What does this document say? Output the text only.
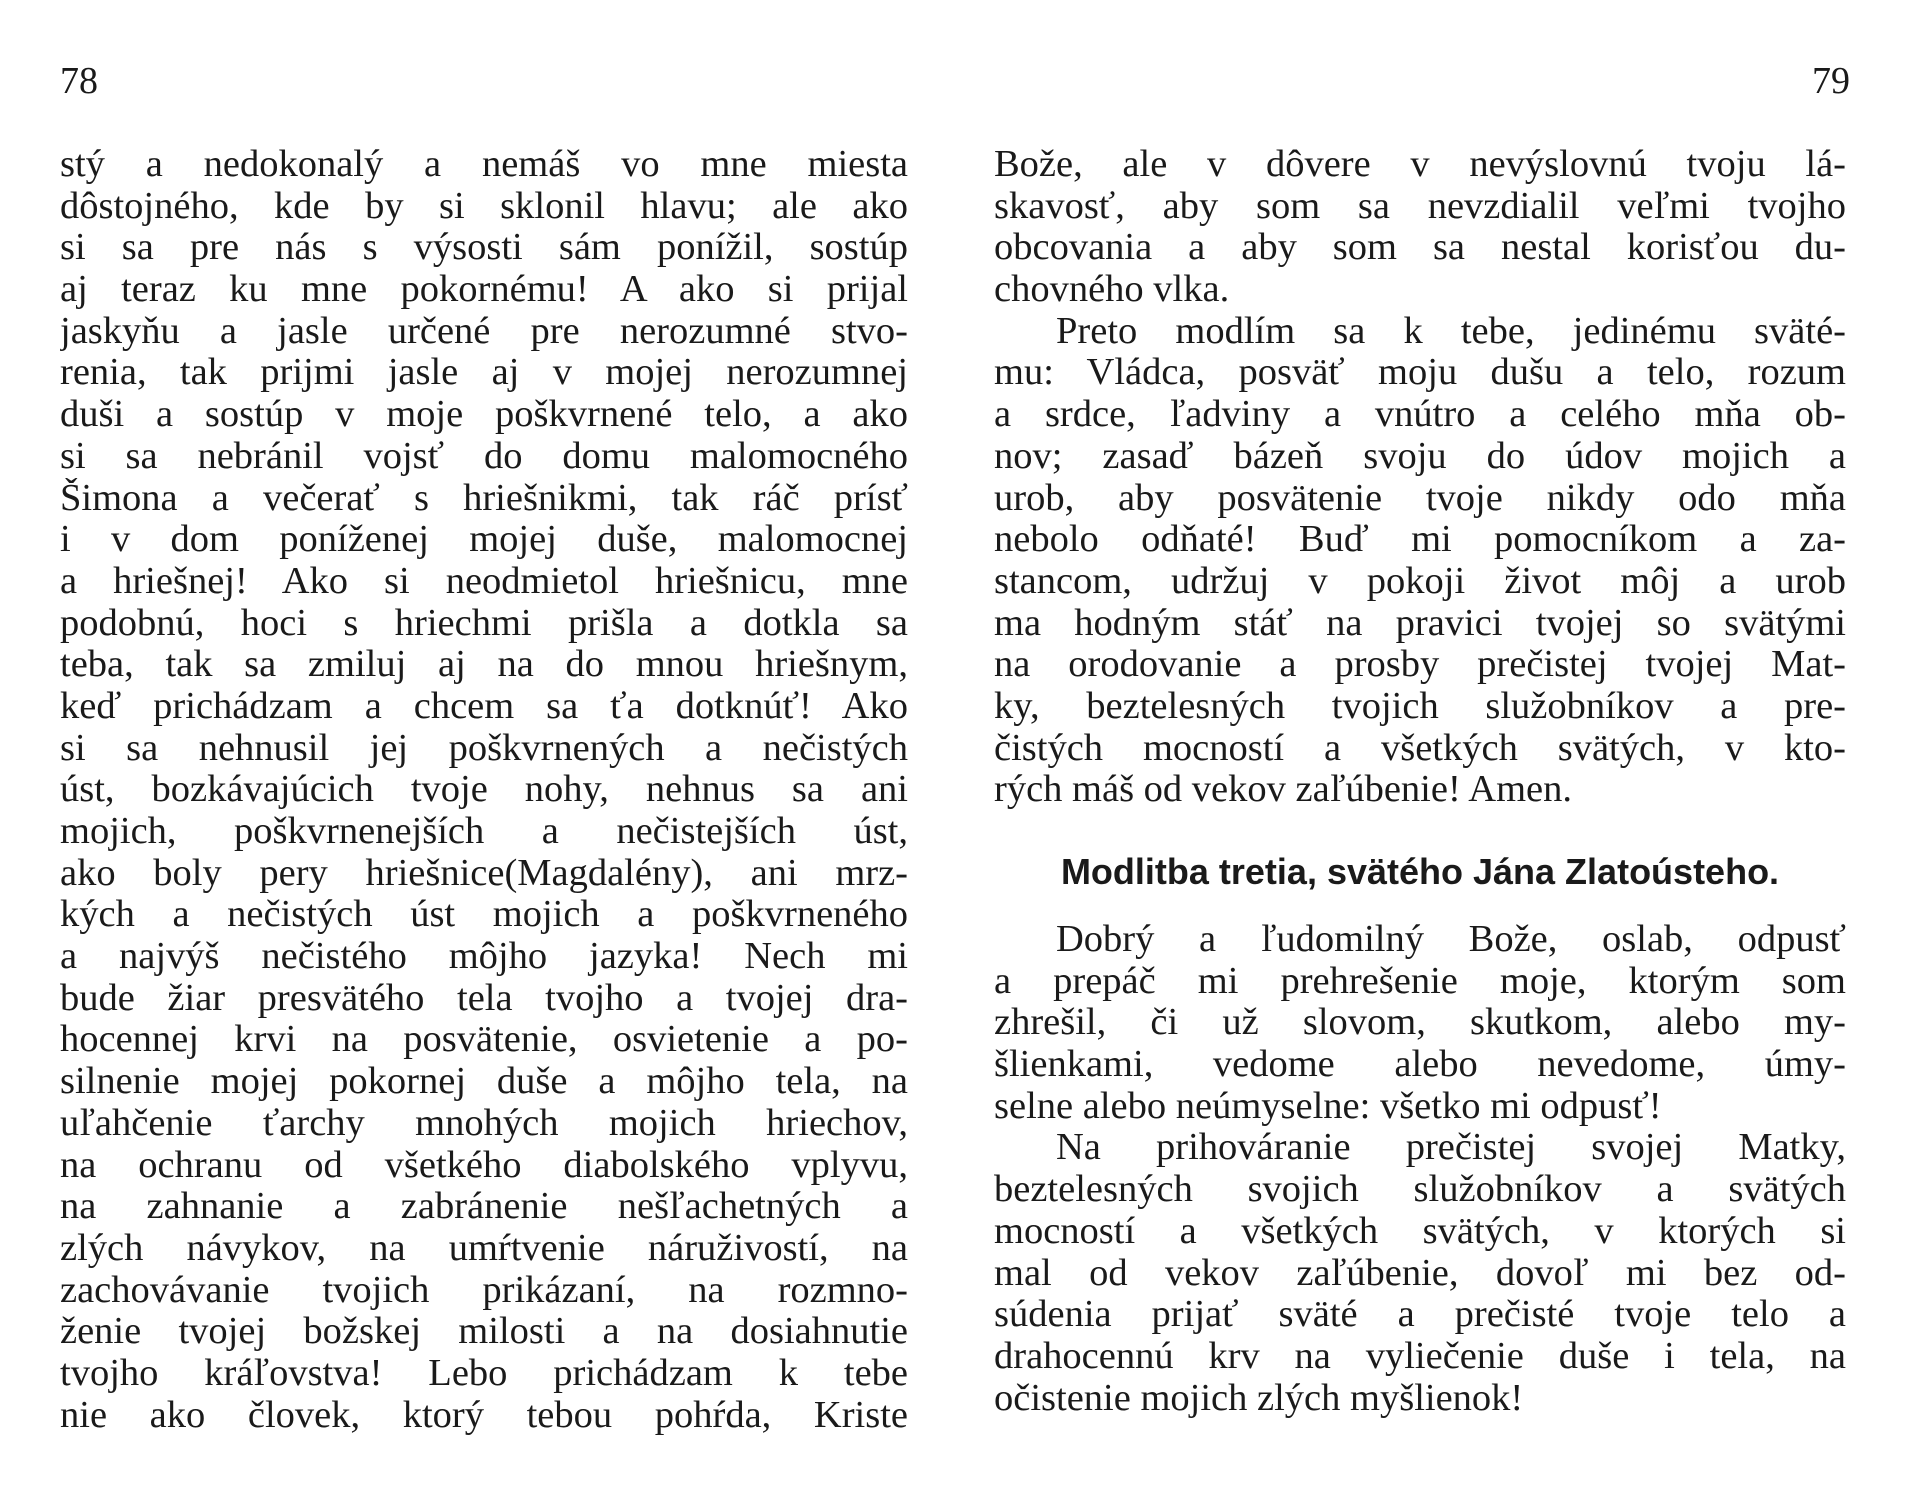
78	79
stý a nedokonalý a nemáš vo mne miesta
dôstojného, kde by si sklonil hlavu; ale ako
si sa pre nás s výsosti sám ponížil, sostúp
aj teraz ku mne pokornému! A ako si prijal
jaskyňu a jasle určené pre nerozumné stvo-
renia, tak prijmi jasle aj v mojej nerozumnej
duši a sostúp v moje poškvrnené telo, a ako
si sa nebránil vojsť do domu malomocného
Šimona a večerať s hriešnikmi, tak ráč prísť
i v dom poníženej mojej duše, malomocnej
a hriešnej! Ako si neodmietol hriešnicu, mne
podobnú, hoci s hriechmi prišla a dotkla sa
teba, tak sa zmiluj aj na do mnou hriešnym,
keď prichádzam a chcem sa ťa dotknúť! Ako
si sa nehnusil jej poškvrnených a nečistých
úst, bozkávajúcich tvoje nohy, nehnus sa ani
mojich, poškvrnenejších a nečistejších úst,
ako boly pery hriešnice(Magdalény), ani mrz-
kých a nečistých úst mojich a poškvrneného
a najvýš nečistého môjho jazyka! Nech mi
bude žiar presvätého tela tvojho a tvojej dra-
hocennej krvi na posvätenie, osvietenie a po-
silnenie mojej pokornej duše a môjho tela, na
uľahčenie ťarchy mnohých mojich hriechov,
na ochranu od všetkého diabolského vplyvu,
na zahnanie a zabránenie nešľachetných a
zlých návykov, na umŕtvenie náruživostí, na
zachovávanie tvojich prikázaní, na rozmno-
ženie tvojej božskej milosti a na dosiahnutie
tvojho kráľovstva! Lebo prichádzam k tebe
nie ako človek, ktorý tebou pohŕda, Kriste
Bože, ale v dôvere v nevýslovnú tvoju lá-
skavosť, aby som sa nevzdialil veľmi tvojho
obcovania a aby som sa nestal korisťou du-
chovného vlka.
Preto modlím sa k tebe, jedinému sväté-
mu: Vládca, posväť moju dušu a telo, rozum
a srdce, ľadviny a vnútro a celého mňa ob-
nov; zasaď bázeň svoju do údov mojich a
urob, aby posvätenie tvoje nikdy odo mňa
nebolo odňaté! Buď mi pomocníkom a za-
stancom, udržuj v pokoji život môj a urob
ma hodným stáť na pravici tvojej so svätými
na orodovanie a prosby prečistej tvojej Mat-
ky, beztelesných tvojich služobníkov a pre-
čistých mocností a všetkých svätých, v kto-
rých máš od vekov zaľúbenie! Amen.
Modlitba tretia, svätého Jána Zlatoústeho.
Dobrý a ľudomilný Bože, oslab, odpusť
a prepáč mi prehrešenie moje, ktorým som
zhrešil, či už slovom, skutkom, alebo my-
šlienkami, vedome alebo nevedome, úmy-
selne alebo neúmyselne: všetko mi odpusť!
Na prihováranie prečistej svojej Matky,
beztelesných svojich služobníkov a svätých
mocností a všetkých svätých, v ktorých si
mal od vekov zaľúbenie, dovoľ mi bez od-
súdenia prijať sväté a prečisté tvoje telo a
drahocennú krv na vyliečenie duše i tela, na
očistenie mojich zlých myšlienok!
